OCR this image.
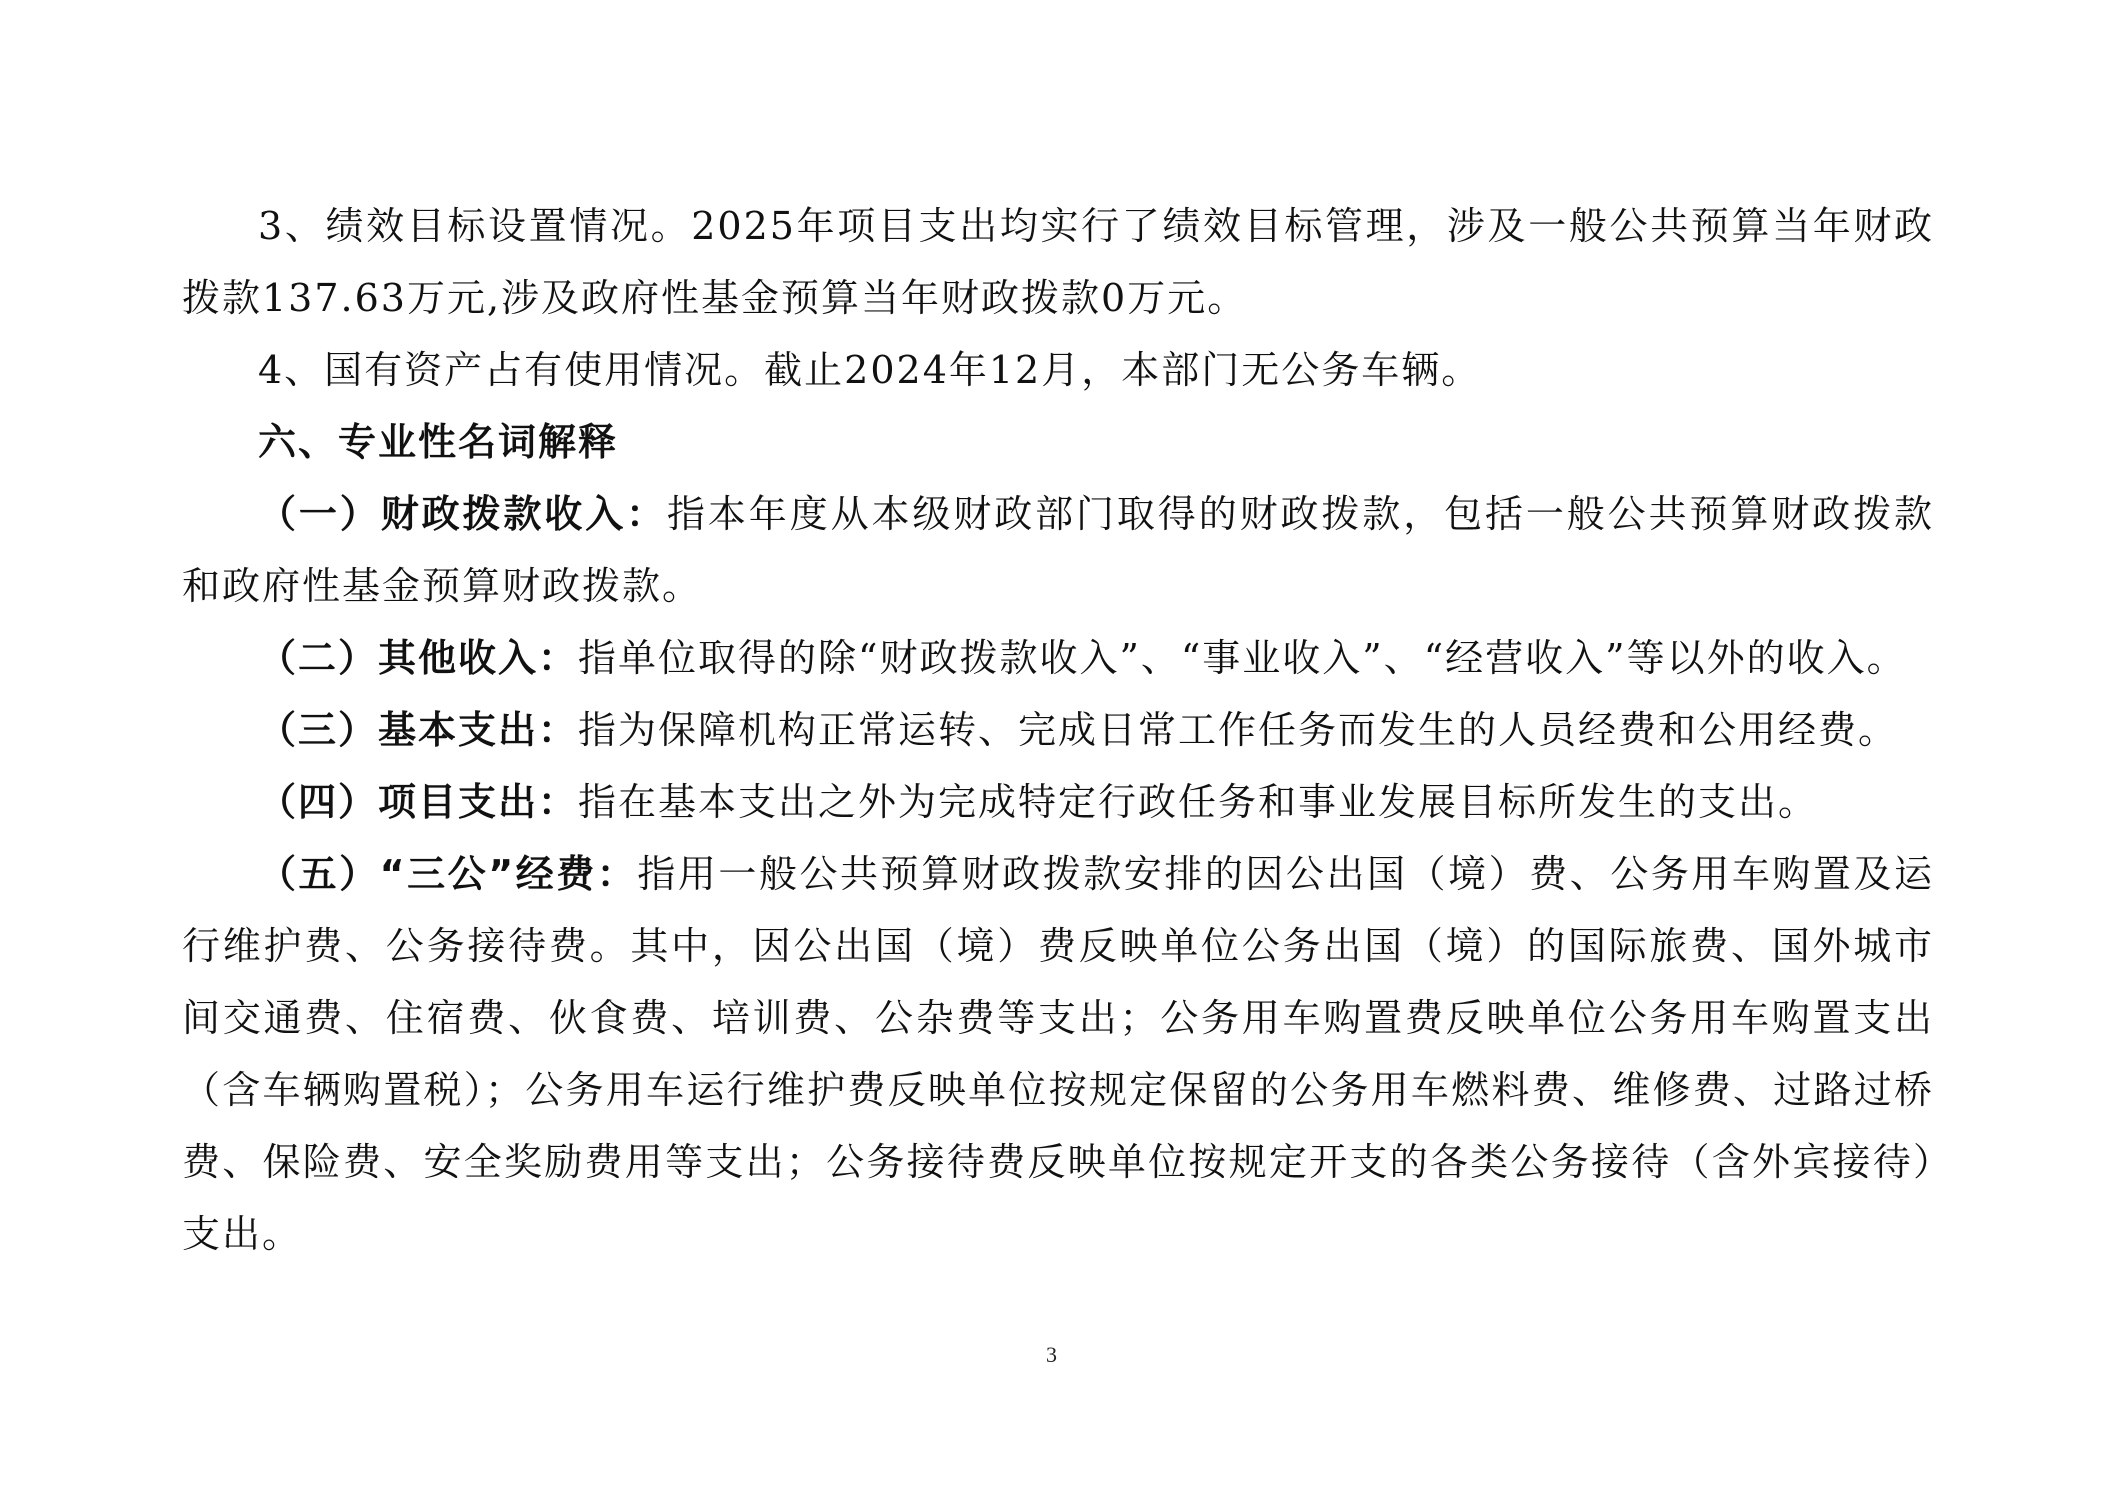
3、绩效目标设置情况。2025年项目支出均实行了绩效目标管理，涉及一般公共预算当年财政拨款137.63万元,涉及政府性基金预算当年财政拨款0万元。

4、国有资产占有使用情况。截止2024年12月，本部门无公务车辆。

六、专业性名词解释

（一）财政拨款收入：指本年度从本级财政部门取得的财政拨款，包括一般公共预算财政拨款和政府性基金预算财政拨款。

（二）其他收入：指单位取得的除“财政拨款收入”、“事业收入”、“经营收入”等以外的收入。

（三）基本支出：指为保障机构正常运转、完成日常工作任务而发生的人员经费和公用经费。

（四）项目支出：指在基本支出之外为完成特定行政任务和事业发展目标所发生的支出。

（五）“三公”经费：指用一般公共预算财政拨款安排的因公出国（境）费、公务用车购置及运行维护费、公务接待费。其中，因公出国（境）费反映单位公务出国（境）的国际旅费、国外城市间交通费、住宿费、伙食费、培训费、公杂费等支出；公务用车购置费反映单位公务用车购置支出（含车辆购置税）；公务用车运行维护费反映单位按规定保留的公务用车燃料费、维修费、过路过桥费、保险费、安全奖励费用等支出；公务接待费反映单位按规定开支的各类公务接待（含外宾接待）支出。

3
